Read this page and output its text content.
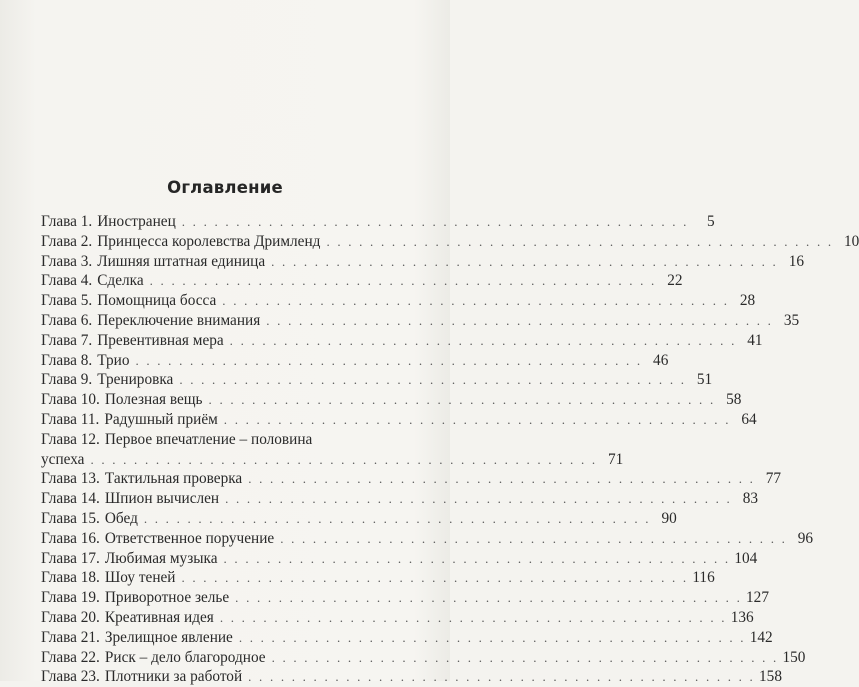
Оглавление
Глава 1. Иностранец . . . . . . . . . . . . . . . . . . . . . . . . . . . . . . . . . . . . . . . . . . . . . . .	5
Глава 2. Принцесса королевства Дримленд . . . . . . . . . . . . . . . . . . . . . . . . . . . . . . . . . . . . . . . . . . . . . . . 10
Глава 3. Лишняя штатная единица . . . . . . . . . . . . . . . . . . . . . . . . . . . . . . . . . . . . . . . . . . . . . . . 16
Глава 4. Сделка . . . . . . . . . . . . . . . . . . . . . . . . . . . . . . . . . . . . . . . . . . . . . . . 22
Глава 5. Помощница босса . . . . . . . . . . . . . . . . . . . . . . . . . . . . . . . . . . . . . . . . . . . . . . . 28
Глава 6. Переключение внимания . . . . . . . . . . . . . . . . . . . . . . . . . . . . . . . . . . . . . . . . . . . . . . . 35
Глава 7. Превентивная мера . . . . . . . . . . . . . . . . . . . . . . . . . . . . . . . . . . . . . . . . . . . . . . . 41
Глава 8. Трио . . . . . . . . . . . . . . . . . . . . . . . . . . . . . . . . . . . . . . . . . . . . . . . 46
Глава 9. Тренировка . . . . . . . . . . . . . . . . . . . . . . . . . . . . . . . . . . . . . . . . . . . . . . . 51
Глава 10. Полезная вещь . . . . . . . . . . . . . . . . . . . . . . . . . . . . . . . . . . . . . . . . . . . . . . . 58
Глава 11. Радушный приём . . . . . . . . . . . . . . . . . . . . . . . . . . . . . . . . . . . . . . . . . . . . . . . 64
Глава 12. Первое впечатление – половина
успеха . . . . . . . . . . . . . . . . . . . . . . . . . . . . . . . . . . . . . . . . . . . . . . . 71
Глава 13. Тактильная проверка . . . . . . . . . . . . . . . . . . . . . . . . . . . . . . . . . . . . . . . . . . . . . . . 77
Глава 14. Шпион вычислен . . . . . . . . . . . . . . . . . . . . . . . . . . . . . . . . . . . . . . . . . . . . . . . 83
Глава 15. Обед . . . . . . . . . . . . . . . . . . . . . . . . . . . . . . . . . . . . . . . . . . . . . . . 90
Глава 16. Ответственное поручение . . . . . . . . . . . . . . . . . . . . . . . . . . . . . . . . . . . . . . . . . . . . . . . 96
Глава 17. Любимая музыка . . . . . . . . . . . . . . . . . . . . . . . . . . . . . . . . . . . . . . . . . . . . . . . 104
Глава 18. Шоу теней . . . . . . . . . . . . . . . . . . . . . . . . . . . . . . . . . . . . . . . . . . . . . . . 116
Глава 19. Приворотное зелье . . . . . . . . . . . . . . . . . . . . . . . . . . . . . . . . . . . . . . . . . . . . . . . 127
Глава 20. Креативная идея . . . . . . . . . . . . . . . . . . . . . . . . . . . . . . . . . . . . . . . . . . . . . . . 136
Глава 21. Зрелищное явление . . . . . . . . . . . . . . . . . . . . . . . . . . . . . . . . . . . . . . . . . . . . . . . 142
Глава 22. Риск – дело благородное . . . . . . . . . . . . . . . . . . . . . . . . . . . . . . . . . . . . . . . . . . . . . . . 150
Глава 23. Плотники за работой . . . . . . . . . . . . . . . . . . . . . . . . . . . . . . . . . . . . . . . . . . . . . . . 158
